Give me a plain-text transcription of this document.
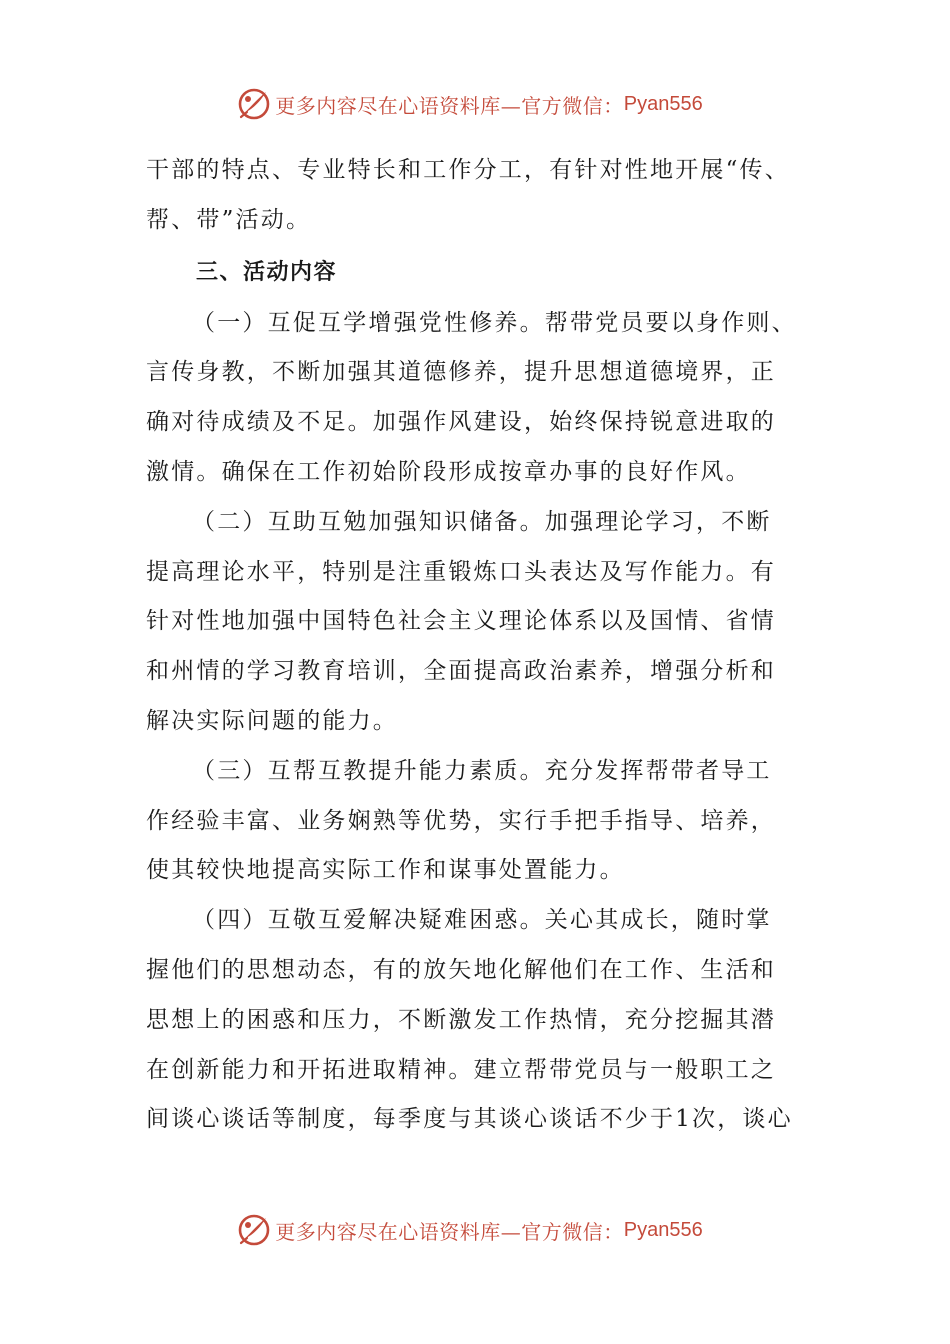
更多内容尽在心语资料库—官方微信： Pyan556
干部的特点、专业特长和工作分工，有针对性地开展“传、
帮、带”活动。
三、活动内容
（一）互促互学增强党性修养。帮带党员要以身作则、
言传身教，不断加强其道德修养，提升思想道德境界，正
确对待成绩及不足。加强作风建设，始终保持锐意进取的
激情。确保在工作初始阶段形成按章办事的良好作风。
（二）互助互勉加强知识储备。加强理论学习，不断
提高理论水平，特别是注重锻炼口头表达及写作能力。有
针对性地加强中国特色社会主义理论体系以及国情、省情
和州情的学习教育培训，全面提高政治素养，增强分析和
解决实际问题的能力。
（三）互帮互教提升能力素质。充分发挥帮带者导工
作经验丰富、业务娴熟等优势，实行手把手指导、培养，
使其较快地提高实际工作和谋事处置能力。
（四）互敬互爱解决疑难困惑。关心其成长，随时掌
握他们的思想动态，有的放矢地化解他们在工作、生活和
思想上的困惑和压力，不断激发工作热情，充分挖掘其潜
在创新能力和开拓进取精神。建立帮带党员与一般职工之
间谈心谈话等制度，每季度与其谈心谈话不少于1次，谈心
更多内容尽在心语资料库—官方微信： Pyan556
